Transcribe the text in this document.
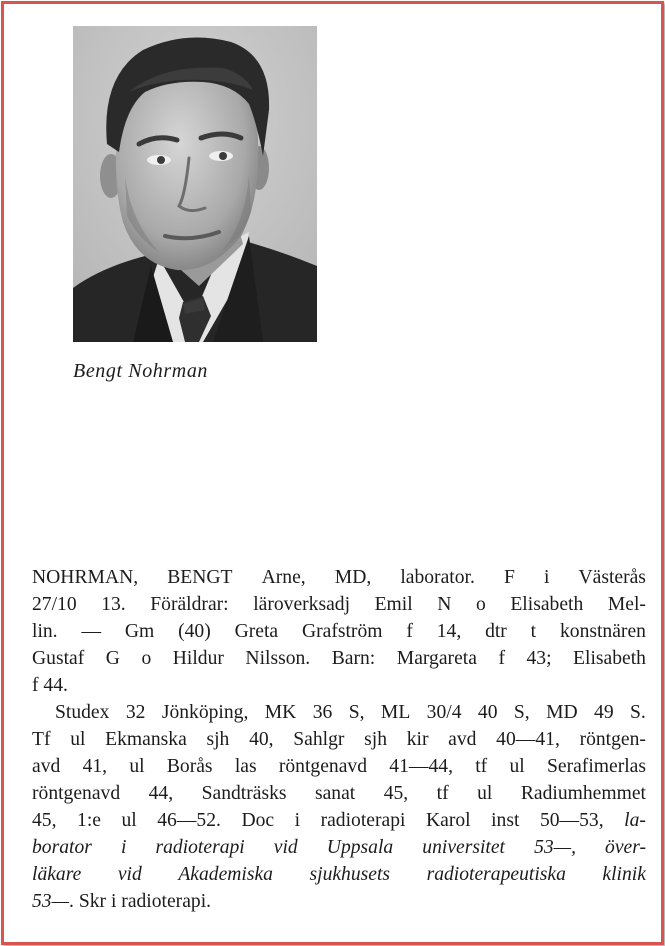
Bengt Nohrman
NOHRMAN, BENGT Arne, MD, laborator. F i Västerås
27/10 13. Föräldrar: läroverksadj Emil N o Elisabeth Mel-
lin. — Gm (40) Greta Grafström f 14, dtr t konstnären
Gustaf G o Hildur Nilsson. Barn: Margareta f 43; Elisabeth
f 44.
Studex 32 Jönköping, MK 36 S, ML 30/4 40 S, MD 49 S.
Tf ul Ekmanska sjh 40, Sahlgr sjh kir avd 40—41, röntgen-
avd 41, ul Borås las röntgenavd 41—44, tf ul Serafimerlas
röntgenavd 44, Sandträsks sanat 45, tf ul Radiumhemmet
45, 1:e ul 46—52. Doc i radioterapi Karol inst 50—53, la-
borator i radioterapi vid Uppsala universitet 53—, över-
läkare vid Akademiska sjukhusets radioterapeutiska klinik
53— . Skr i radioterapi.
